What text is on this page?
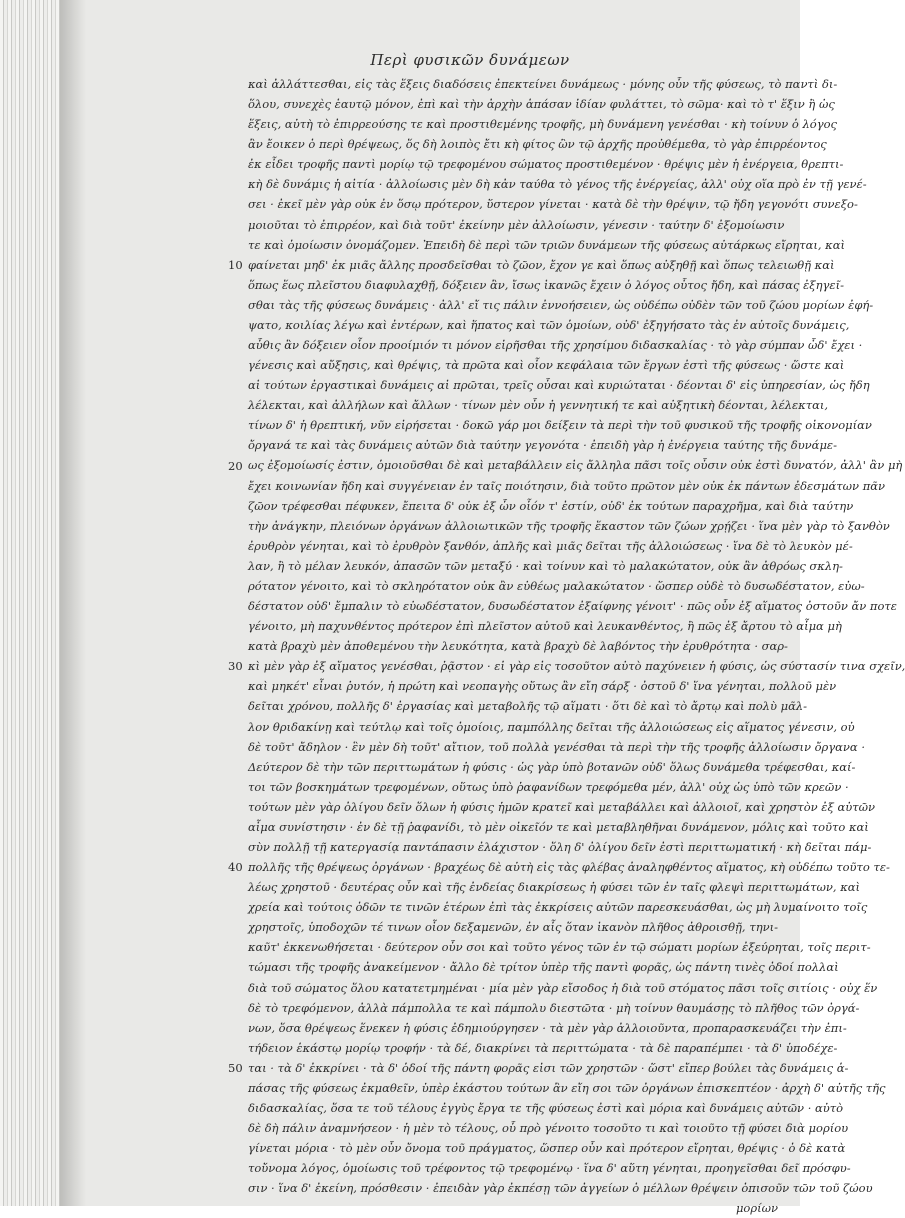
Περὶ φυσικῶν δυνάμεων
καὶ ἀλλάττεσθαι, εἰς τὰς ἕξεις διαδόσεις ἐπεκτείνει δυνάμεως · μόνης οὖν τῆς φύσεως, τὸ παντὶ δι-
ὅλου, συνεχὲς ἑαυτῷ μόνον, ἐπὶ καὶ τὴν ἀρχὴν ἁπάσαν ἰδίαν φυλάττει, τὸ σῶμα· καὶ τὸ τ' ἕξιν ἢ ὡς
ἕξεις, αὐτὴ τὸ ἐπιρρεούσης τε καὶ προστιθεμένης τροφῆς, μὴ δυνάμενη γενέσθαι · κὴ τοίνυν ὁ λόγος
ἂν ἔοικεν ὁ περὶ θρέψεως, ὅς δὴ λοιπὸς ἔτι κὴ φίτος ὢν τῷ ἀρχῆς προὐθέμεθα, τὸ γὰρ ἐπιρρέοντος
ἐκ εἶδει τροφῆς παντὶ μορίῳ τῷ τρεφομένου σώματος προστιθεμένον · θρέψις μὲν ἡ ἐνέργεια, θρεπτι-
κὴ δὲ δυνάμις ἡ αἰτία · ἀλλοίωσις μὲν δὴ κἀν ταύθα τὸ γένος τῆς ἐνέργείας, ἀλλ' οὐχ οἵα πρὸ ἐν τῇ γενέ-
σει · ἐκεῖ μὲν γὰρ οὐκ ἐν ὅσῳ πρότερον, ὕστερον γίνεται · κατὰ δὲ τὴν θρέψιν, τῷ ἤδη γεγονότι συνεξο-
μοιοῦται τὸ ἐπιρρέον, καὶ διὰ τοῦτ' ἐκείνην μὲν ἀλλοίωσιν, γένεσιν · ταύτην δ' ἐξομοίωσιν
τε καὶ ὁμοίωσιν ὀνομάζομεν. Ἐπειδὴ δὲ περὶ τῶν τριῶν δυνάμεων τῆς φύσεως αὐτάρκως εἴρηται, καὶ
φαίνεται μηδ' ἐκ μιᾶς ἄλλης προσδεῖσθαι τὸ ζῶον, ἔχον γε καὶ ὅπως αὐξηθῇ καὶ ὅπως τελειωθῇ καὶ
ὅπως ἕως πλεῖστου διαφυλαχθῇ, δόξειεν ἂν, ἴσως ἱκανῶς ἔχειν ὁ λόγος οὗτος ἤδη, καὶ πάσας ἐξηγεῖ-
σθαι τὰς τῆς φύσεως δυνάμεις · ἀλλ' εἴ τις πάλιν ἐννοήσειεν, ὡς οὐδέπω οὐδὲν τῶν τοῦ ζώου μορίων ἐφή-
ψατο, κοιλίας λέγω καὶ ἐντέρων, καὶ ἥπατος καὶ τῶν ὁμοίων, οὐδ' ἐξηγήσατο τὰς ἐν αὐτοῖς δυνάμεις,
αὖθις ἂν δόξειεν οἷον προοίμιόν τι μόνον εἰρῆσθαι τῆς χρησίμου διδασκαλίας · τὸ γὰρ σύμπαν ὧδ' ἔχει ·
γένεσις καὶ αὔξησις, καὶ θρέψις, τὰ πρῶτα καὶ οἷον κεφάλαια τῶν ἔργων ἐστὶ τῆς φύσεως · ὥστε καὶ
αἱ τούτων ἐργαστικαὶ δυνάμεις αἱ πρῶται, τρεῖς οὖσαι καὶ κυριώταται · δέονται δ' εἰς ὑπηρεσίαν, ὡς ἤδη
λέλεκται, καὶ ἀλλήλων καὶ ἄλλων · τίνων μὲν οὖν ἡ γεννητική τε καὶ αὐξητικὴ δέονται, λέλεκται,
τίνων δ' ἡ θρεπτική, νῦν εἰρήσεται · δοκῶ γάρ μοι δείξειν τὰ περὶ τὴν τοῦ φυσικοῦ τῆς τροφῆς οἰκονομίαν
ὄργανά τε καὶ τὰς δυνάμεις αὐτῶν διὰ ταύτην γεγονότα · ἐπειδὴ γὰρ ἡ ἐνέργεια ταύτης τῆς δυνάμε-
ως ἐξομοίωσίς ἐστιν, ὁμοιοῦσθαι δὲ καὶ μεταβάλλειν εἰς ἄλληλα πᾶσι τοῖς οὖσιν οὐκ ἐστὶ δυνατόν, ἀλλ' ἂν μὴ
ἔχει κοινωνίαν ἤδη καὶ συγγένειαν ἐν ταῖς ποιότησιν, διὰ τοῦτο πρῶτον μὲν οὐκ ἐκ πάντων ἐδεσμάτων πᾶν
ζῶον τρέφεσθαι πέφυκεν, ἔπειτα δ' οὐκ ἐξ ὧν οἷόν τ' ἐστίν, οὐδ' ἐκ τούτων παραχρῆμα, καὶ διὰ ταύτην
τὴν ἀνάγκην, πλειόνων ὀργάνων ἀλλοιωτικῶν τῆς τροφῆς ἕκαστον τῶν ζώων χρῄζει · ἵνα μὲν γὰρ τὸ ξανθὸν
ἐρυθρὸν γένηται, καὶ τὸ ἐρυθρὸν ξανθόν, ἁπλῆς καὶ μιᾶς δεῖται τῆς ἀλλοιώσεως · ἵνα δὲ τὸ λευκὸν μέ-
λαν, ἢ τὸ μέλαν λευκόν, ἁπασῶν τῶν μεταξύ · καὶ τοίνυν καὶ τὸ μαλακώτατον, οὐκ ἂν ἀθρόως σκλη-
ρότατον γένοιτο, καὶ τὸ σκληρότατον οὐκ ἂν εὐθέως μαλακώτατον · ὥσπερ οὐδὲ τὸ δυσωδέστατον, εὐω-
δέστατον οὐδ' ἔμπαλιν τὸ εὐωδέστατον, δυσωδέστατον ἐξαίφνης γένοιτ' · πῶς οὖν ἐξ αἵματος ὀστοῦν ἄν ποτε
γένοιτο, μὴ παχυνθέντος πρότερον ἐπὶ πλεῖστον αὐτοῦ καὶ λευκανθέντος, ἢ πῶς ἐξ ἄρτου τὸ αἷμα μὴ
κατὰ βραχὺ μὲν ἀποθεμένου τὴν λευκότητα, κατὰ βραχὺ δὲ λαβόντος τὴν ἐρυθρότητα · σαρ-
κὶ μὲν γὰρ ἐξ αἵματος γενέσθαι, ῥᾷστον · εἰ γὰρ εἰς τοσοῦτον αὐτὸ παχύνειεν ἡ φύσις, ὡς σύστασίν τινα σχεῖν,
καὶ μηκέτ' εἶναι ῥυτόν, ἡ πρώτη καὶ νεοπαγὴς οὕτως ἂν εἴη σάρξ · ὀστοῦ δ' ἵνα γένηται, πολλοῦ μὲν
δεῖται χρόνου, πολλῆς δ' ἐργασίας καὶ μεταβολῆς τῷ αἵματι · ὅτι δὲ καὶ τὸ ἄρτῳ καὶ πολὺ μᾶλ-
λον θριδακίνῃ καὶ τεύτλῳ καὶ τοῖς ὁμοίοις, παμπόλλης δεῖται τῆς ἀλλοιώσεως εἰς αἵματος γένεσιν, οὐ
δὲ τοῦτ' ἄδηλον · ἓν μὲν δὴ τοῦτ' αἴτιον, τοῦ πολλὰ γενέσθαι τὰ περὶ τὴν τῆς τροφῆς ἀλλοίωσιν ὄργανα ·
Δεύτερον δὲ τὴν τῶν περιττωμάτων ἡ φύσις · ὡς γὰρ ὑπὸ βοτανῶν οὐδ' ὅλως δυνάμεθα τρέφεσθαι, καί-
τοι τῶν βοσκημάτων τρεφομένων, οὕτως ὑπὸ ῥαφανίδων τρεφόμεθα μέν, ἀλλ' οὐχ ὡς ὑπὸ τῶν κρεῶν ·
τούτων μὲν γὰρ ὀλίγου δεῖν ὅλων ἡ φύσις ἡμῶν κρατεῖ καὶ μεταβάλλει καὶ ἀλλοιοῖ, καὶ χρηστὸν ἐξ αὐτῶν
αἷμα συνίστησιν · ἐν δὲ τῇ ῥαφανίδι, τὸ μὲν οἰκεῖόν τε καὶ μεταβληθῆναι δυνάμενον, μόλις καὶ τοῦτο καὶ
σὺν πολλῇ τῇ κατεργασίᾳ παντάπασιν ἐλάχιστον · ὅλη δ' ὀλίγου δεῖν ἐστὶ περιττωματική · κὴ δεῖται πάμ-
πολλῆς τῆς θρέψεως ὀργάνων · βραχέως δὲ αὐτὴ εἰς τὰς φλέβας ἀναληφθέντος αἵματος, κὴ οὐδέπω τοῦτο τε-
λέως χρηστοῦ · δευτέρας οὖν καὶ τῆς ἐνδείας διακρίσεως ἡ φύσει τῶν ἐν ταῖς φλεψὶ περιττωμάτων, καὶ
χρεία καὶ τούτοις ὁδῶν τε τινῶν ἑτέρων ἐπὶ τὰς ἐκκρίσεις αὐτῶν παρεσκευάσθαι, ὡς μὴ λυμαίνοιτο τοῖς
χρηστοῖς, ὑποδοχῶν τέ τινων οἷον δεξαμενῶν, ἐν αἷς ὅταν ἱκανὸν πλῆθος ἀθροισθῇ, τηνι-
καῦτ' ἐκκενωθήσεται · δεύτερον οὖν σοι καὶ τοῦτο γένος τῶν ἐν τῷ σώματι μορίων ἐξεύρηται, τοῖς περιτ-
τώμασι τῆς τροφῆς ἀνακείμενον · ἄλλο δὲ τρίτον ὑπὲρ τῆς παντὶ φορᾶς, ὡς πάντη τινὲς ὁδοί πολλαὶ
διὰ τοῦ σώματος ὅλου κατατετμημέναι · μία μὲν γὰρ εἴσοδος ἡ διὰ τοῦ στόματος πᾶσι τοῖς σιτίοις · οὐχ ἕν
δὲ τὸ τρεφόμενον, ἀλλὰ πάμπολλα τε καὶ πάμπολυ διεστῶτα · μὴ τοίνυν θαυμάσῃς τὸ πλῆθος τῶν ὀργά-
νων, ὅσα θρέψεως ἕνεκεν ἡ φύσις ἐδημιούργησεν · τὰ μὲν γὰρ ἀλλοιοῦντα, προπαρασκευάζει τὴν ἐπι-
τήδειον ἑκάστῳ μορίῳ τροφήν · τὰ δέ, διακρίνει τὰ περιττώματα · τὰ δὲ παραπέμπει · τὰ δ' ὑποδέχε-
ται · τὰ δ' ἐκκρίνει · τὰ δ' ὁδοί τῆς πάντη φορᾶς εἰσι τῶν χρηστῶν · ὥστ' εἴπερ βούλει τὰς δυνάμεις ἁ-
πάσας τῆς φύσεως ἐκμαθεῖν, ὑπὲρ ἑκάστου τούτων ἂν εἴη σοι τῶν ὀργάνων ἐπισκεπτέον · ἀρχὴ δ' αὐτῆς τῆς
διδασκαλίας, ὅσα τε τοῦ τέλους ἐγγὺς ἔργα τε τῆς φύσεως ἐστὶ καὶ μόρια καὶ δυνάμεις αὐτῶν · αὐτὸ
δὲ δὴ πάλιν ἀναμνήσεον · ἡ μὲν τὸ τέλους, οὗ πρὸ γένοιτο τοσοῦτο τι καὶ τοιοῦτο τῇ φύσει διὰ μορίου
γίνεται μόρια · τὸ μὲν οὖν ὄνομα τοῦ πράγματος, ὥσπερ οὖν καὶ πρότερον εἴρηται, θρέψις · ὁ δὲ κατὰ
τοὔνομα λόγος, ὁμοίωσις τοῦ τρέφοντος τῷ τρεφομένῳ · ἵνα δ' αὕτη γένηται, προηγεῖσθαι δεῖ πρόσφυ-
σιν · ἵνα δ' ἐκείνη, πρόσθεσιν · ἐπειδὰν γὰρ ἐκπέσῃ τῶν ἀγγείων ὁ μέλλων θρέψειν ὁπισοῦν τῶν τοῦ ζώου
μορίων
10
20
30
40
50
